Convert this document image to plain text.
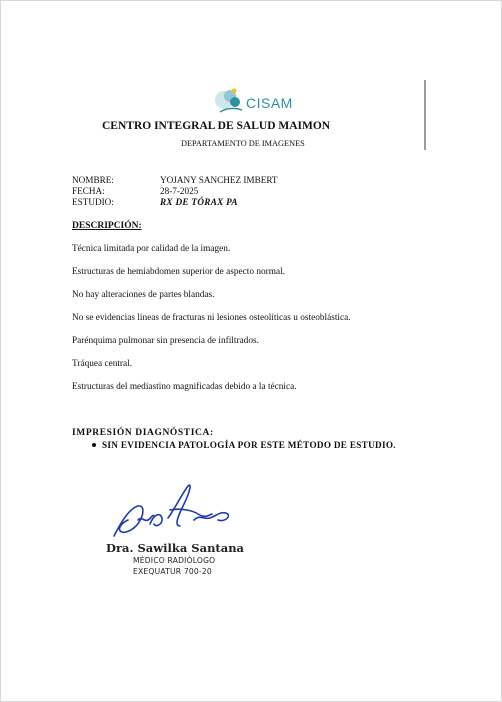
CISAM
CENTRO INTEGRAL DE SALUD MAIMON
DEPARTAMENTO DE IMAGENES
NOMBRE:	YOJANY SANCHEZ IMBERT
FECHA:	28-7-2025
ESTUDIO:	RX DE TÓRAX PA
DESCRIPCIÓN:

Técnica limitada por calidad de la imagen.

Estructuras de hemiabdomen superior de aspecto normal.

No hay alteraciones de partes blandas.

No se evidencias líneas de fracturas ni lesiones osteolíticas u osteoblástica.

Parénquima pulmonar sin presencia de infiltrados.

Tráquea central.

Estructuras del mediastino magnificadas debido a la técnica.

IMPRESIÓN DIAGNÓSTICA:
SIN EVIDENCIA PATOLOGÍA POR ESTE MÉTODO DE ESTUDIO.
Dra. Sawilka Santana
MÉDICO RADIÓLOGO
EXEQUATUR 700-20
